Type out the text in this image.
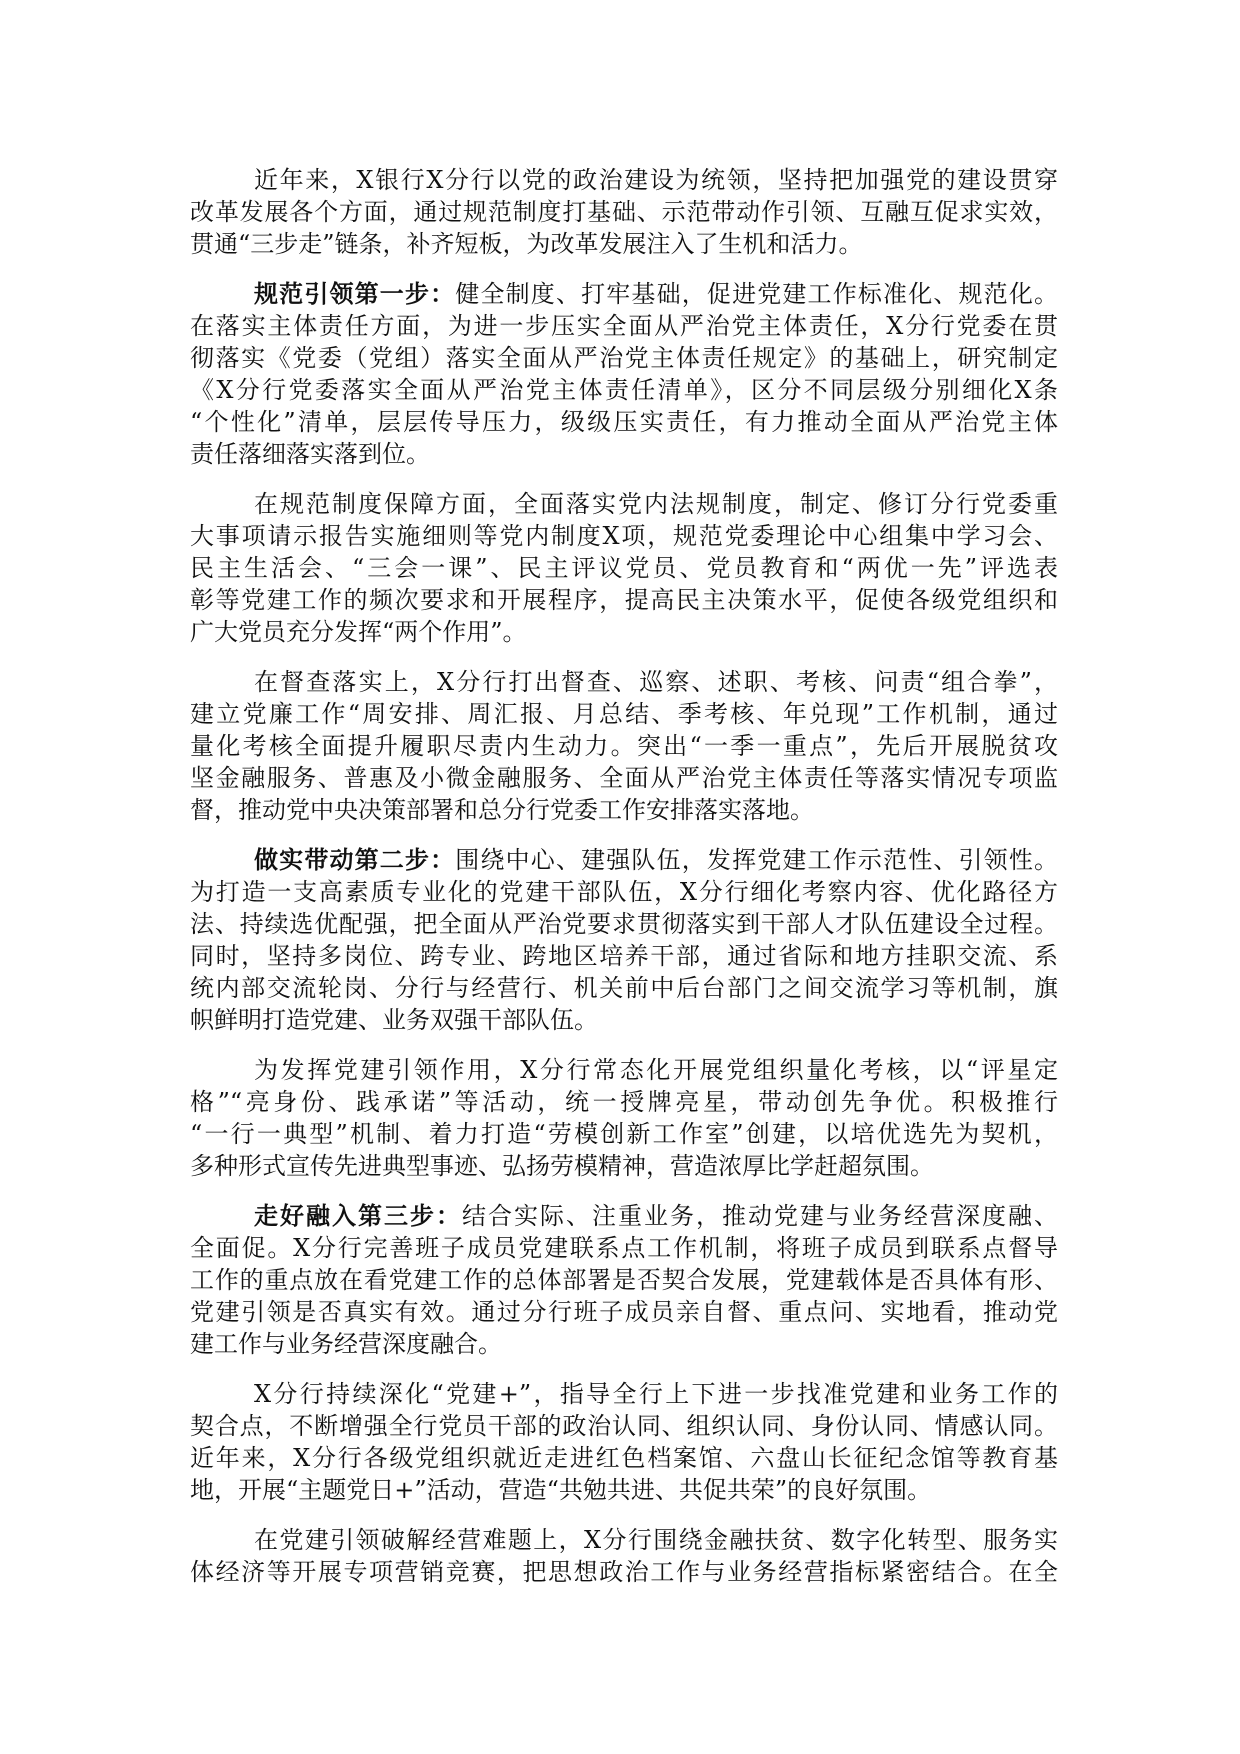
近年来，X银行X分行以党的政治建设为统领，坚持把加强党的建设贯穿
改革发展各个方面，通过规范制度打基础、示范带动作引领、互融互促求实效，
贯通“三步走”链条，补齐短板，为改革发展注入了生机和活力。
规范引领第一步：健全制度、打牢基础，促进党建工作标准化、规范化。
在落实主体责任方面，为进一步压实全面从严治党主体责任，X分行党委在贯
彻落实《党委（党组）落实全面从严治党主体责任规定》的基础上，研究制定
《X分行党委落实全面从严治党主体责任清单》，区分不同层级分别细化X条
“个性化”清单，层层传导压力，级级压实责任，有力推动全面从严治党主体
责任落细落实落到位。
在规范制度保障方面，全面落实党内法规制度，制定、修订分行党委重
大事项请示报告实施细则等党内制度X项，规范党委理论中心组集中学习会、
民主生活会、“三会一课”、民主评议党员、党员教育和“两优一先”评选表
彰等党建工作的频次要求和开展程序，提高民主决策水平，促使各级党组织和
广大党员充分发挥“两个作用”。
在督查落实上，X分行打出督查、巡察、述职、考核、问责“组合拳”，
建立党廉工作“周安排、周汇报、月总结、季考核、年兑现”工作机制，通过
量化考核全面提升履职尽责内生动力。突出“一季一重点”，先后开展脱贫攻
坚金融服务、普惠及小微金融服务、全面从严治党主体责任等落实情况专项监
督，推动党中央决策部署和总分行党委工作安排落实落地。
做实带动第二步：围绕中心、建强队伍，发挥党建工作示范性、引领性。
为打造一支高素质专业化的党建干部队伍，X分行细化考察内容、优化路径方
法、持续选优配强，把全面从严治党要求贯彻落实到干部人才队伍建设全过程。
同时，坚持多岗位、跨专业、跨地区培养干部，通过省际和地方挂职交流、系
统内部交流轮岗、分行与经营行、机关前中后台部门之间交流学习等机制，旗
帜鲜明打造党建、业务双强干部队伍。
为发挥党建引领作用，X分行常态化开展党组织量化考核，以“评星定
格”“亮身份、践承诺”等活动，统一授牌亮星，带动创先争优。积极推行
“一行一典型”机制、着力打造“劳模创新工作室”创建，以培优选先为契机，
多种形式宣传先进典型事迹、弘扬劳模精神，营造浓厚比学赶超氛围。
走好融入第三步：结合实际、注重业务，推动党建与业务经营深度融、
全面促。X分行完善班子成员党建联系点工作机制，将班子成员到联系点督导
工作的重点放在看党建工作的总体部署是否契合发展，党建载体是否具体有形、
党建引领是否真实有效。通过分行班子成员亲自督、重点问、实地看，推动党
建工作与业务经营深度融合。
X分行持续深化“党建+”，指导全行上下进一步找准党建和业务工作的
契合点，不断增强全行党员干部的政治认同、组织认同、身份认同、情感认同。
近年来，X分行各级党组织就近走进红色档案馆、六盘山长征纪念馆等教育基
地，开展“主题党日+”活动，营造“共勉共进、共促共荣”的良好氛围。
在党建引领破解经营难题上，X分行围绕金融扶贫、数字化转型、服务实
体经济等开展专项营销竞赛，把思想政治工作与业务经营指标紧密结合。在全
